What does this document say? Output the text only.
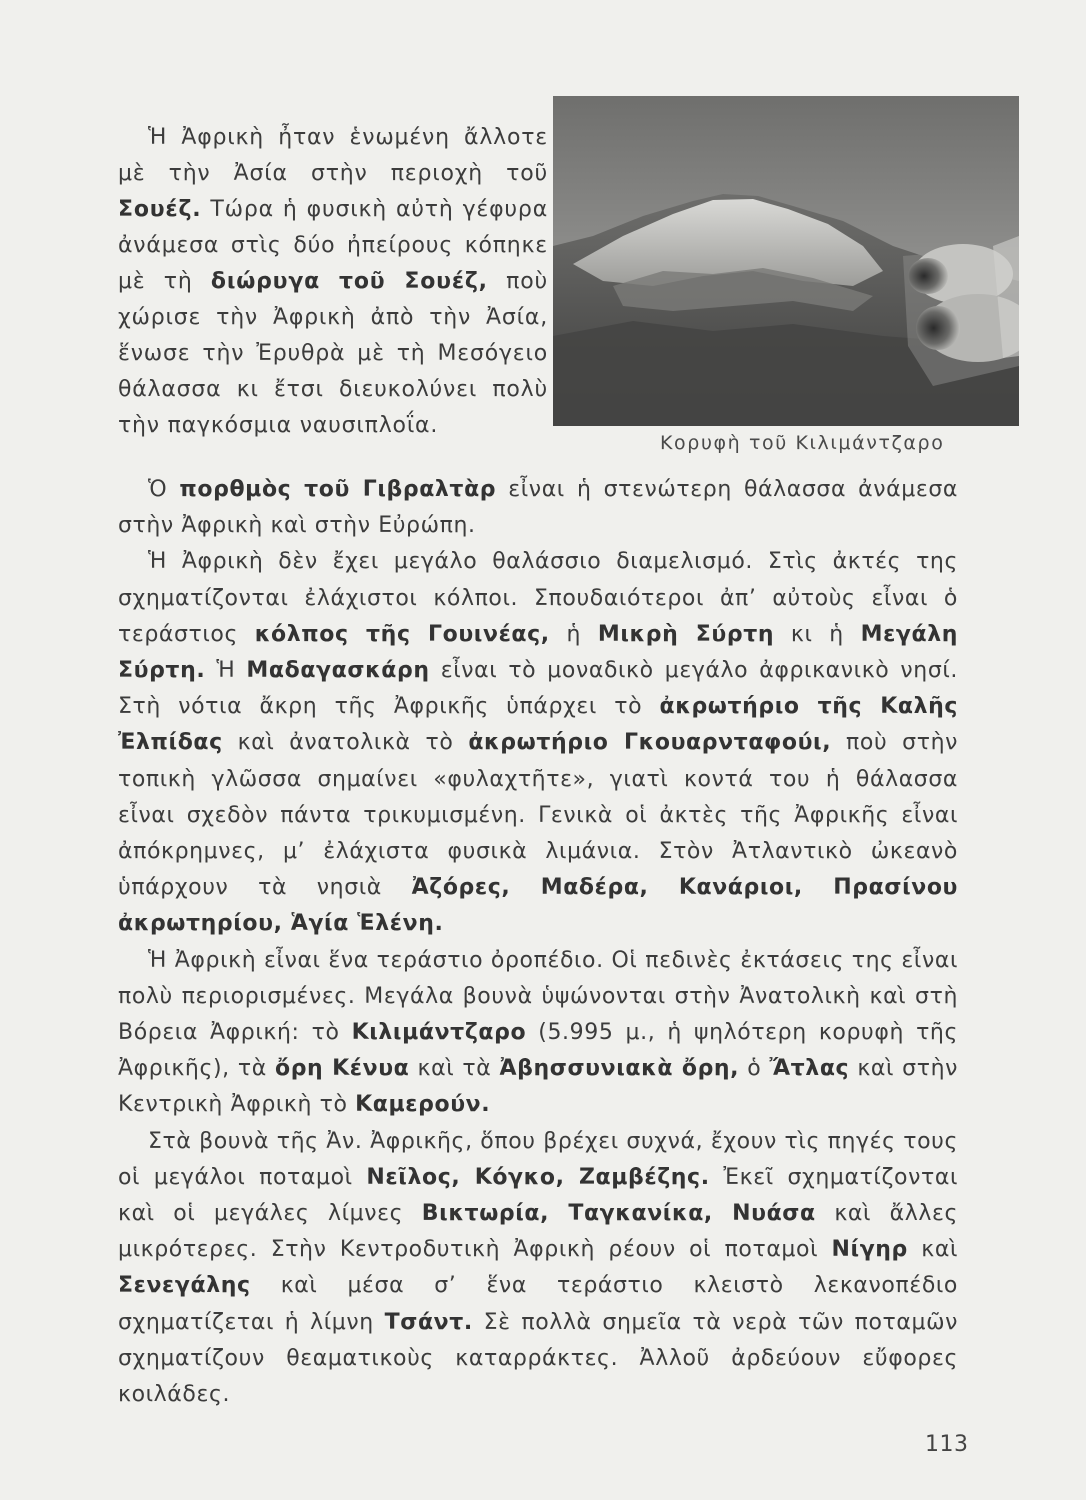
Κορυφὴ τοῦ Κιλιμάντζαρο

Ἡ Ἀφρικὴ ἦταν ἑνωμένη ἄλλοτε μὲ τὴν Ἀσία στὴν περιοχὴ τοῦ Σουέζ. Τώρα ἡ φυσικὴ αὐτὴ γέφυρα ἀνάμεσα στὶς δύο ἠπείρους κόπηκε μὲ τὴ διώρυγα τοῦ Σουέζ, ποὺ χώρισε τὴν Ἀφρικὴ ἀπὸ τὴν Ἀσία, ἕνωσε τὴν Ἐρυθρὰ μὲ τὴ Μεσόγειο θάλασσα κι ἔτσι διευκολύνει πολὺ τὴν παγκόσμια ναυσιπλοΐα.

Ὁ πορθμὸς τοῦ Γιβραλτὰρ εἶναι ἡ στενώτερη θάλασσα ἀνάμεσα στὴν Ἀφρικὴ καὶ στὴν Εὐρώπη.

Ἡ Ἀφρικὴ δὲν ἔχει μεγάλο θαλάσσιο διαμελισμό. Στὶς ἀκτές της σχηματίζονται ἐλάχιστοι κόλποι. Σπουδαιότεροι ἀπ’ αὐτοὺς εἶναι ὁ τεράστιος κόλπος τῆς Γουινέας, ἡ Μικρὴ Σύρτη κι ἡ Μεγάλη Σύρτη. Ἡ Μαδαγασκάρη εἶναι τὸ μοναδικὸ μεγάλο ἀφρικανικὸ νησί. Στὴ νότια ἄκρη τῆς Ἀφρικῆς ὑπάρχει τὸ ἀκρωτήριο τῆς Καλῆς Ἐλπίδας καὶ ἀνατολικὰ τὸ ἀκρωτήριο Γκουαρνταφούι, ποὺ στὴν τοπικὴ γλῶσσα σημαίνει «φυλαχτῆτε», γιατὶ κοντά του ἡ θάλασσα εἶναι σχεδὸν πάντα τρικυμισμένη. Γενικὰ οἱ ἀκτὲς τῆς Ἀφρικῆς εἶναι ἀπόκρημνες, μ’ ἐλάχιστα φυσικὰ λιμάνια. Στὸν Ἀτλαντικὸ ὠκεανὸ ὑπάρχουν τὰ νησιὰ Ἀζόρες, Μαδέρα, Κανάριοι, Πρασίνου ἀκρωτηρίου, Ἁγία Ἑλένη.

Ἡ Ἀφρικὴ εἶναι ἕνα τεράστιο ὀροπέδιο. Οἱ πεδινὲς ἐκτάσεις της εἶναι πολὺ περιορισμένες. Μεγάλα βουνὰ ὑψώνονται στὴν Ἀνατολικὴ καὶ στὴ Βόρεια Ἀφρική: τὸ Κιλιμάντζαρο (5.995 μ., ἡ ψηλότερη κορυφὴ τῆς Ἀφρικῆς), τὰ ὄρη Κένυα καὶ τὰ Ἀβησσυνιακὰ ὄρη, ὁ Ἄτλας καὶ στὴν Κεντρικὴ Ἀφρικὴ τὸ Καμερούν.

Στὰ βουνὰ τῆς Ἀν. Ἀφρικῆς, ὅπου βρέχει συχνά, ἔχουν τὶς πηγές τους οἱ μεγάλοι ποταμοὶ Νεῖλος, Κόγκο, Ζαμβέζης. Ἐκεῖ σχηματίζονται καὶ οἱ μεγάλες λίμνες Βικτωρία, Ταγκανίκα, Νυάσα καὶ ἄλλες μικρότερες. Στὴν Κεντροδυτικὴ Ἀφρικὴ ρέουν οἱ ποταμοὶ Νίγηρ καὶ Σενεγάλης καὶ μέσα σ’ ἕνα τεράστιο κλειστὸ λεκανοπέδιο σχηματίζεται ἡ λίμνη Τσάντ. Σὲ πολλὰ σημεῖα τὰ νερὰ τῶν ποταμῶν σχηματίζουν θεαματικοὺς καταρράκτες. Ἀλλοῦ ἀρδεύουν εὔφορες κοιλάδες.

113
